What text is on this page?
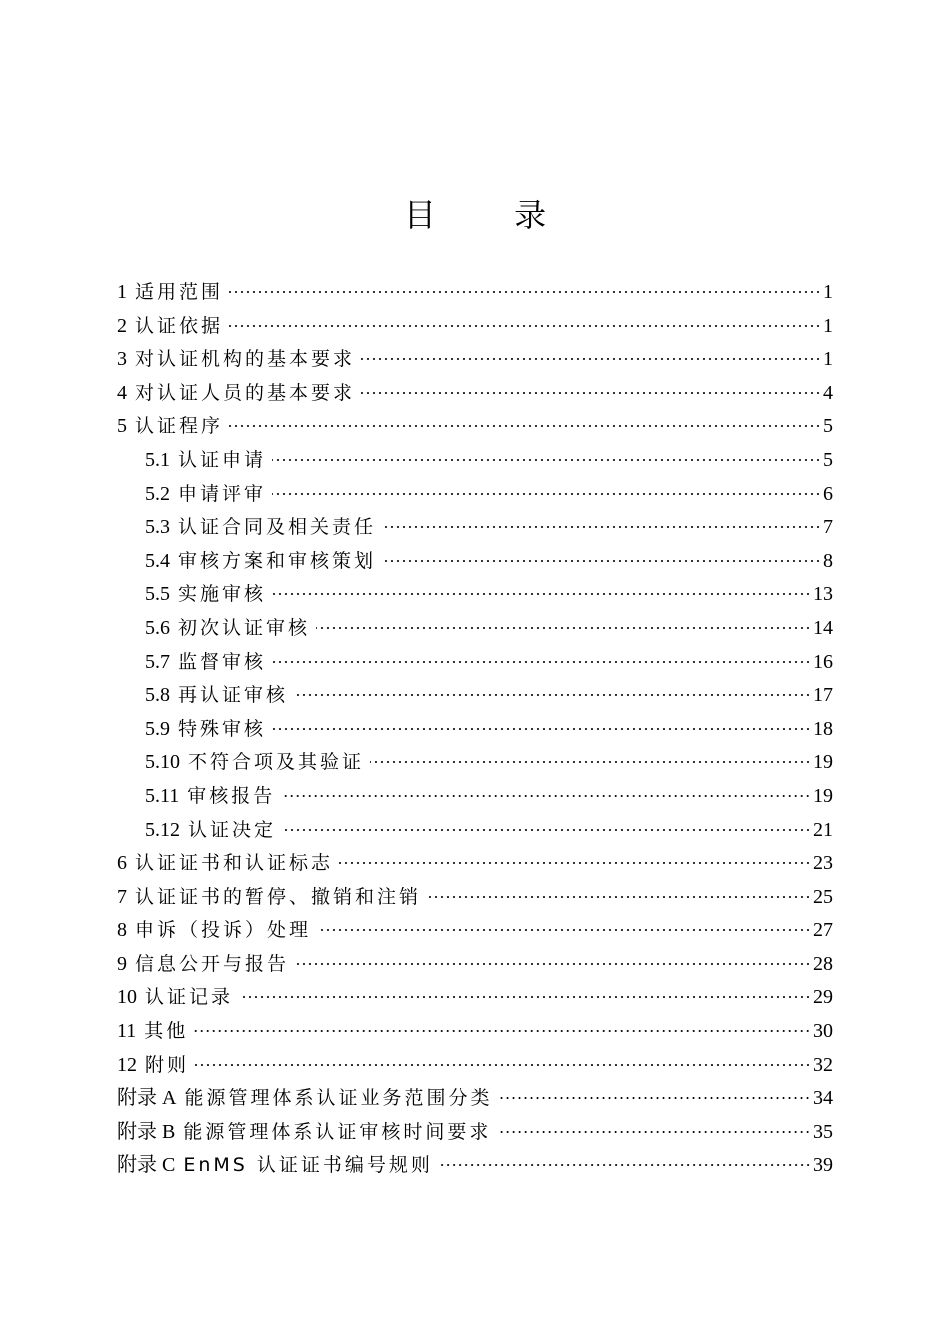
目 录
1 适用范围	1
2 认证依据	1
3 对认证机构的基本要求	1
4 对认证人员的基本要求	4
5 认证程序	5
5.1 认证申请	5
5.2 申请评审	6
5.3 认证合同及相关责任	7
5.4 审核方案和审核策划	8
5.5 实施审核	13
5.6 初次认证审核	14
5.7 监督审核	16
5.8 再认证审核	17
5.9 特殊审核	18
5.10 不符合项及其验证	19
5.11 审核报告	19
5.12 认证决定	21
6 认证证书和认证标志	23
7 认证证书的暂停、撤销和注销	25
8 申诉（投诉）处理	27
9 信息公开与报告	28
10 认证记录	29
11 其他	30
12 附则	32
附录 A 能源管理体系认证业务范围分类	34
附录 B 能源管理体系认证审核时间要求	35
附录 C EnMS 认证证书编号规则	39
